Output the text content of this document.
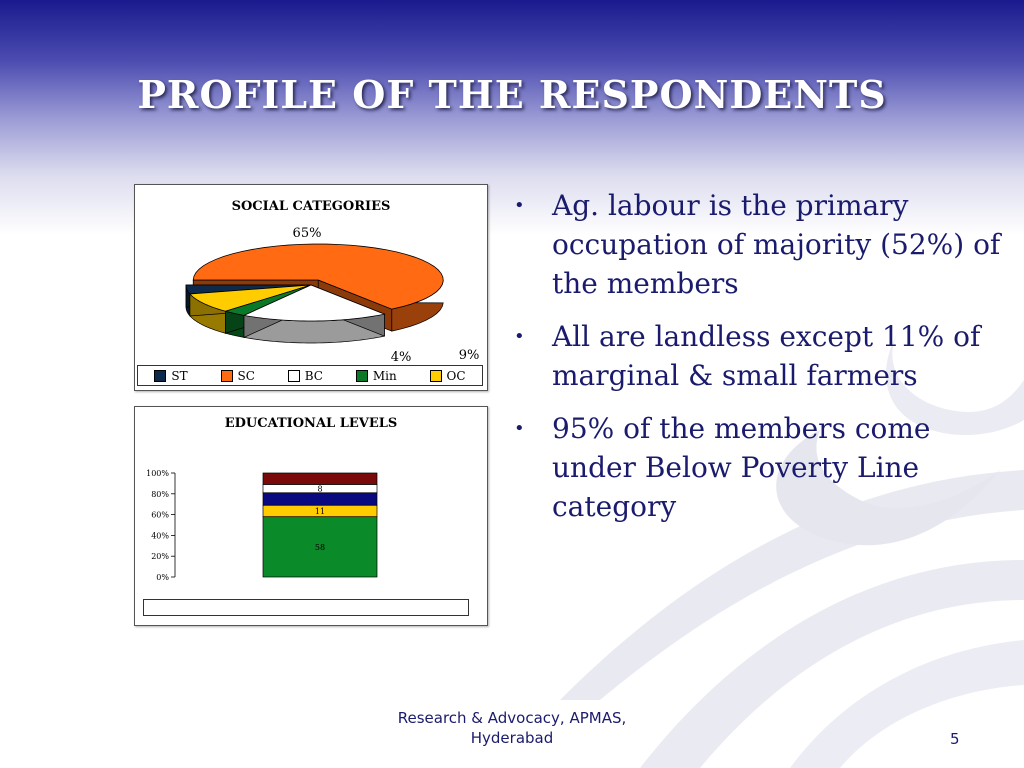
PROFILE OF THE RESPONDENTS
SOCIAL CATEGORIES
4%
65%
9%
ST	SC	BC	Min	OC
EDUCATIONAL LEVELS
0%
20%
40%
60%
80%
100%
58
11
8
• Ag. labour is the primary occupation of majority (52%) of the members
• All are landless except 11% of marginal & small farmers
• 95% of the members come under Below Poverty Line category
Research & Advocacy, APMAS,
Hyderabad	5
